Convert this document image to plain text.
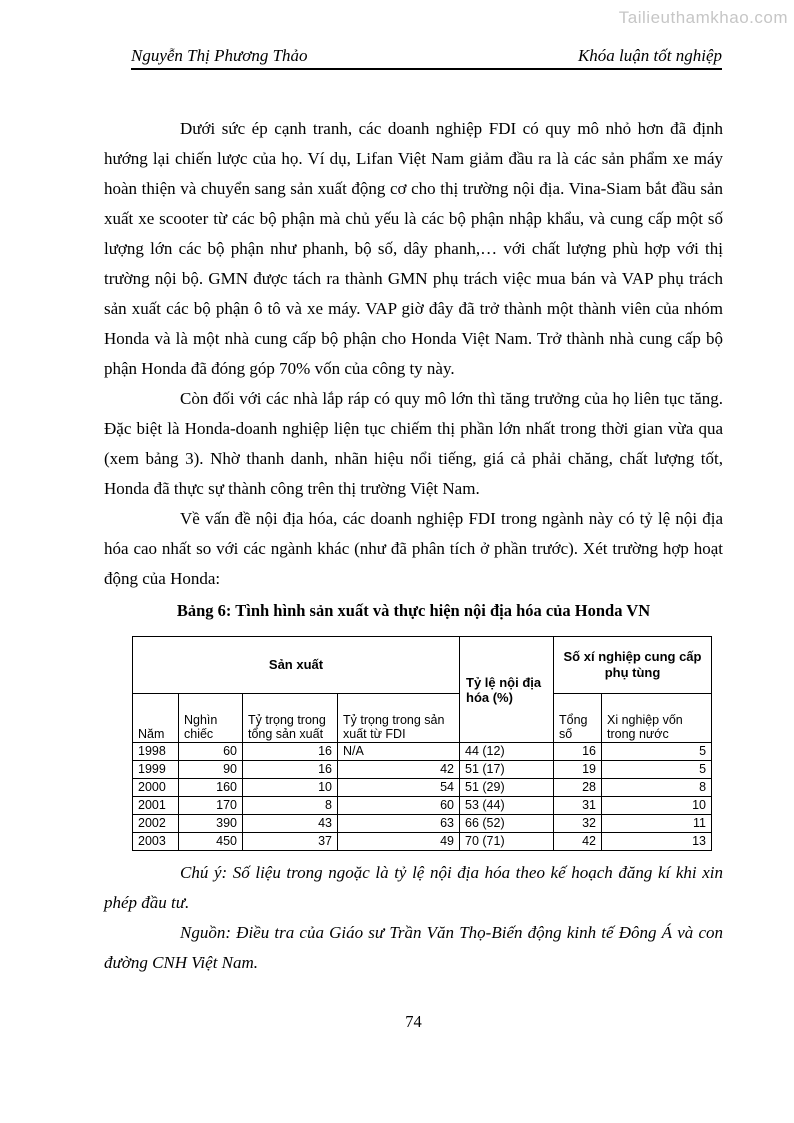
Tailieuthamkhao.com
Nguyễn Thị Phương Thảo	Khóa luận tốt nghiệp

Dưới sức ép cạnh tranh, các doanh nghiệp FDI có quy mô nhỏ hơn đã định hướng lại chiến lược của họ. Ví dụ, Lifan Việt Nam giảm đầu ra là các sản phẩm xe máy hoàn thiện và chuyển sang sản xuất động cơ cho thị trường nội địa. Vina-Siam bắt đầu sản xuất xe scooter từ các bộ phận mà chủ yếu là các bộ phận nhập khẩu, và cung cấp một số lượng lớn các bộ phận như phanh, bộ số, dây phanh,… với chất lượng phù hợp với thị trường nội bộ. GMN được tách ra thành GMN phụ trách việc mua bán và VAP phụ trách sản xuất các bộ phận ô tô và xe máy. VAP giờ đây đã trở thành một thành viên của nhóm Honda và là một nhà cung cấp bộ phận cho Honda Việt Nam. Trở thành nhà cung cấp bộ phận Honda đã đóng góp 70% vốn của công ty này.

Còn đối với các nhà lắp ráp có quy mô lớn thì tăng trưởng của họ liên tục tăng. Đặc biệt là Honda-doanh nghiệp liện tục chiếm thị phần lớn nhất trong thời gian vừa qua (xem bảng 3). Nhờ thanh danh, nhãn hiệu nổi tiếng, giá cả phải chăng, chất lượng tốt, Honda đã thực sự thành công trên thị trường Việt Nam.

Về vấn đề nội địa hóa, các doanh nghiệp FDI trong ngành này có tỷ lệ nội địa hóa cao nhất so với các ngành khác (như đã phân tích ở phần trước). Xét trường hợp hoạt động của Honda:

Bảng 6: Tình hình sản xuất và thực hiện nội địa hóa của Honda VN
Sản xuất				Tỷ lệ nội địa hóa (%)	Số xí nghiệp cung cấp phụ tùng	
Năm	Nghìn chiếc	Tỷ trọng trong tổng sản xuất	Tỷ trọng trong sản xuất từ FDI		Tổng số	Xi nghiệp vốn trong nước
1998	60	16	N/A	44 (12)	16	5
1999	90	16	42	51 (17)	19	5
2000	160	10	54	51 (29)	28	8
2001	170	8	60	53 (44)	31	10
2002	390	43	63	66 (52)	32	11
2003	450	37	49	70 (71)	42	13

Chú ý: Số liệu trong ngoặc là tỷ lệ nội địa hóa theo kế hoạch đăng kí khi xin phép đầu tư.

Nguồn: Điều tra của Giáo sư Trần Văn Thọ-Biến động kinh tế Đông Á và con đường CNH Việt Nam.

74
